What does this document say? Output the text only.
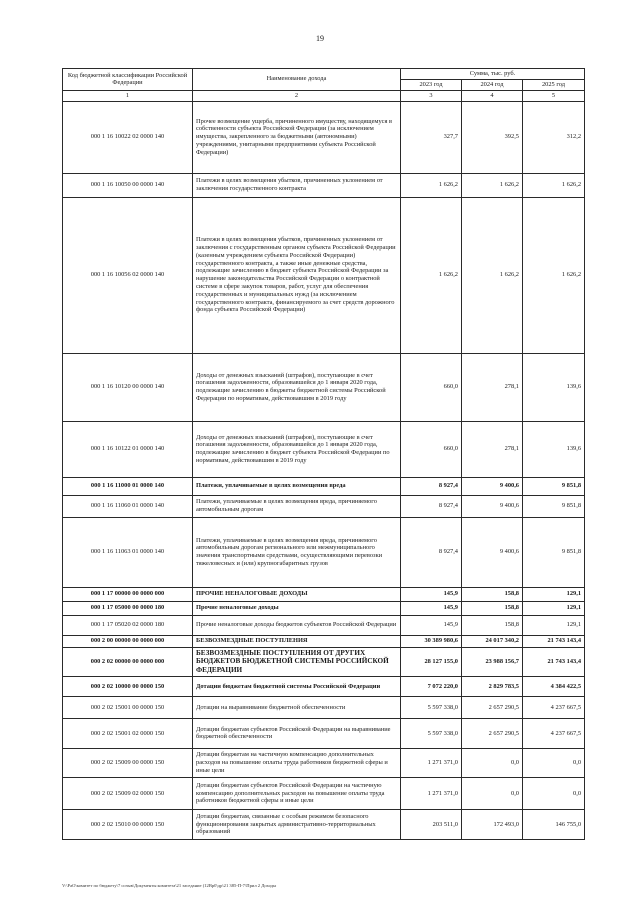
19
Код бюджетной классификации Российской Федерации	Наименование дохода	Сумма, тыс. руб.		
		2023 год	2024 год	2025 год
1	2	3	4	5
000 1 16 10022 02 0000 140	Прочее возмещение ущерба, причиненного имуществу, находящемуся в собственности субъекта Российской Федерации (за исключением имущества, закрепленного за бюджетными (автономными) учреждениями, унитарными предприятиями субъекта Российской Федерации)	327,7	392,5	312,2
000 1 16 10050 00 0000 140	Платежи в целях возмещения убытков, причиненных уклонением от заключения государственного контракта	1 626,2	1 626,2	1 626,2
000 1 16 10056 02 0000 140	Платежи в целях возмещения убытков, причиненных уклонением от заключения с государственным органом субъекта Российской Федерации (казенным учреждением субъекта Российской Федерации) государственного контракта, а также иные денежные средства, подлежащие зачислению в бюджет субъекта Российской Федерации за нарушение законодательства Российской Федерации о контрактной системе в сфере закупок товаров, работ, услуг для обеспечения государственных и муниципальных нужд (за исключением государственного контракта, финансируемого за счет средств дорожного фонда субъекта Российской Федерации)	1 626,2	1 626,2	1 626,2
000 1 16 10120 00 0000 140	Доходы от денежных взысканий (штрафов), поступающие в счет погашения задолженности, образовавшейся до 1 января 2020 года, подлежащие зачислению в бюджеты бюджетной системы Российской Федерации по нормативам, действовавшим в 2019 году	660,0	278,1	139,6
000 1 16 10122 01 0000 140	Доходы от денежных взысканий (штрафов), поступающие в счет погашения задолженности, образовавшейся до 1 января 2020 года, подлежащие зачислению в бюджет субъекта Российской Федерации по нормативам, действовавшим в 2019 году	660,0	278,1	139,6
000 1 16 11000 01 0000 140	Платежи, уплачиваемые в целях возмещения вреда	8 927,4	9 400,6	9 851,8
000 1 16 11060 01 0000 140	Платежи, уплачиваемые в целях возмещения вреда, причиняемого автомобильным дорогам	8 927,4	9 400,6	9 851,8
000 1 16 11063 01 0000 140	Платежи, уплачиваемые в целях возмещения вреда, причиняемого автомобильным дорогам регионального или межмуниципального значения транспортными средствами, осуществляющими перевозки тяжеловесных и (или) крупногабаритных грузов	8 927,4	9 400,6	9 851,8
000 1 17 00000 00 0000 000	ПРОЧИЕ НЕНАЛОГОВЫЕ ДОХОДЫ	145,9	158,8	129,1
000 1 17 05000 00 0000 180	Прочие неналоговые доходы	145,9	158,8	129,1
000 1 17 05020 02 0000 180	Прочие неналоговые доходы бюджетов субъектов Российской Федерации	145,9	158,8	129,1
000 2 00 00000 00 0000 000	БЕЗВОЗМЕЗДНЫЕ ПОСТУПЛЕНИЯ	30 389 980,6	24 017 340,2	21 743 143,4
000 2 02 00000 00 0000 000	БЕЗВОЗМЕЗДНЫЕ ПОСТУПЛЕНИЯ ОТ ДРУГИХ БЮДЖЕТОВ БЮДЖЕТНОЙ СИСТЕМЫ РОССИЙСКОЙ ФЕДЕРАЦИИ	28 127 155,0	23 988 156,7	21 743 143,4
000 2 02 10000 00 0000 150	Дотации бюджетам бюджетной системы Российской Федерации	7 072 220,0	2 829 783,5	4 384 422,5
000 2 02 15001 00 0000 150	Дотации на выравнивание бюджетной обеспеченности	5 597 338,0	2 657 290,5	4 237 667,5
000 2 02 15001 02 0000 150	Дотации бюджетам субъектов Российской Федерации на выравнивание бюджетной обеспеченности	5 597 338,0	2 657 290,5	4 237 667,5
000 2 02 15009 00 0000 150	Дотации бюджетам на частичную компенсацию дополнительных расходов на повышение оплаты труда работников бюджетной сферы и иные цели	1 271 371,0	0,0	0,0
000 2 02 15009 02 0000 150	Дотации бюджетам субъектов Российской Федерации на частичную компенсацию дополнительных расходов на повышение оплаты труда работников бюджетной сферы и иные цели	1 271 371,0	0,0	0,0
000 2 02 15010 00 0000 150	Дотации бюджетам, связанные с особым режимом безопасного функционирования закрытых административно-территориальных образований	203 511,0	172 493,0	146 755,0
V:\РаО\комитет по бюджету\7 созыв\Документы комитета\21 заседание (12Вр0\др\21 385-П-7\Прил 2 Доходы
